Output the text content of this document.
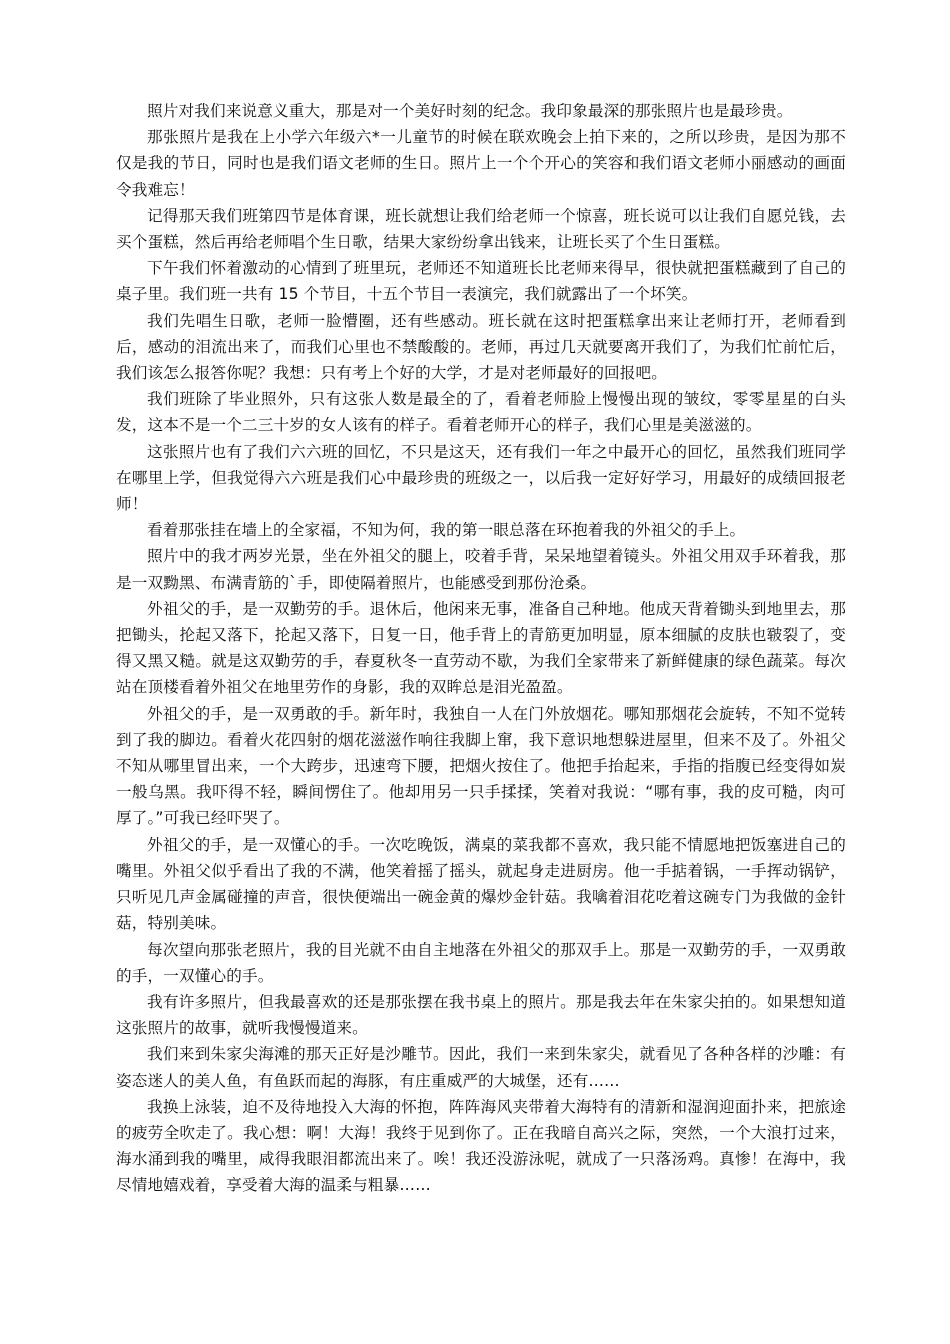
照片对我们来说意义重大，那是对一个美好时刻的纪念。我印象最深的那张照片也是最珍贵。

那张照片是我在上小学六年级六*一儿童节的时候在联欢晚会上拍下来的，之所以珍贵，是因为那不仅是我的节日，同时也是我们语文老师的生日。照片上一个个开心的笑容和我们语文老师小丽感动的画面令我难忘！

记得那天我们班第四节是体育课，班长就想让我们给老师一个惊喜，班长说可以让我们自愿兑钱，去买个蛋糕，然后再给老师唱个生日歌，结果大家纷纷拿出钱来，让班长买了个生日蛋糕。

下午我们怀着激动的心情到了班里玩，老师还不知道班长比老师来得早，很快就把蛋糕藏到了自己的桌子里。我们班一共有 15 个节目，十五个节目一表演完，我们就露出了一个坏笑。

我们先唱生日歌，老师一脸懵圈，还有些感动。班长就在这时把蛋糕拿出来让老师打开，老师看到后，感动的泪流出来了，而我们心里也不禁酸酸的。老师，再过几天就要离开我们了，为我们忙前忙后，我们该怎么报答你呢？我想：只有考上个好的大学，才是对老师最好的回报吧。

我们班除了毕业照外，只有这张人数是最全的了，看着老师脸上慢慢出现的皱纹，零零星星的白头发，这本不是一个二三十岁的女人该有的样子。看着老师开心的样子，我们心里是美滋滋的。

这张照片也有了我们六六班的回忆，不只是这天，还有我们一年之中最开心的回忆，虽然我们班同学在哪里上学，但我觉得六六班是我们心中最珍贵的班级之一，以后我一定好好学习，用最好的成绩回报老师！

看着那张挂在墙上的全家福，不知为何，我的第一眼总落在环抱着我的外祖父的手上。

照片中的我才两岁光景，坐在外祖父的腿上，咬着手背，呆呆地望着镜头。外祖父用双手环着我，那是一双黝黑、布满青筋的`手，即使隔着照片，也能感受到那份沧桑。

外祖父的手，是一双勤劳的手。退休后，他闲来无事，准备自己种地。他成天背着锄头到地里去，那把锄头，抡起又落下，抡起又落下，日复一日，他手背上的青筋更加明显，原本细腻的皮肤也皲裂了，变得又黑又糙。就是这双勤劳的手，春夏秋冬一直劳动不歇，为我们全家带来了新鲜健康的绿色蔬菜。每次站在顶楼看着外祖父在地里劳作的身影，我的双眸总是泪光盈盈。

外祖父的手，是一双勇敢的手。新年时，我独自一人在门外放烟花。哪知那烟花会旋转，不知不觉转到了我的脚边。看着火花四射的烟花滋滋作响往我脚上窜，我下意识地想躲进屋里，但来不及了。外祖父不知从哪里冒出来，一个大跨步，迅速弯下腰，把烟火按住了。他把手抬起来，手指的指腹已经变得如炭一般乌黑。我吓得不轻，瞬间愣住了。他却用另一只手揉揉，笑着对我说：“哪有事，我的皮可糙，肉可厚了。”可我已经吓哭了。

外祖父的手，是一双懂心的手。一次吃晚饭，满桌的菜我都不喜欢，我只能不情愿地把饭塞进自己的嘴里。外祖父似乎看出了我的不满，他笑着摇了摇头，就起身走进厨房。他一手掂着锅，一手挥动锅铲，只听见几声金属碰撞的声音，很快便端出一碗金黄的爆炒金针菇。我噙着泪花吃着这碗专门为我做的金针菇，特别美味。

每次望向那张老照片，我的目光就不由自主地落在外祖父的那双手上。那是一双勤劳的手，一双勇敢的手，一双懂心的手。

我有许多照片，但我最喜欢的还是那张摆在我书桌上的照片。那是我去年在朱家尖拍的。如果想知道这张照片的故事，就听我慢慢道来。

我们来到朱家尖海滩的那天正好是沙雕节。因此，我们一来到朱家尖，就看见了各种各样的沙雕：有姿态迷人的美人鱼，有鱼跃而起的海豚，有庄重威严的大城堡，还有……

我换上泳装，迫不及待地投入大海的怀抱，阵阵海风夹带着大海特有的清新和湿润迎面扑来，把旅途的疲劳全吹走了。我心想：啊！大海！我终于见到你了。正在我暗自高兴之际，突然，一个大浪打过来，海水涌到我的嘴里，咸得我眼泪都流出来了。唉！我还没游泳呢，就成了一只落汤鸡。真惨！在海中，我尽情地嬉戏着，享受着大海的温柔与粗暴……
